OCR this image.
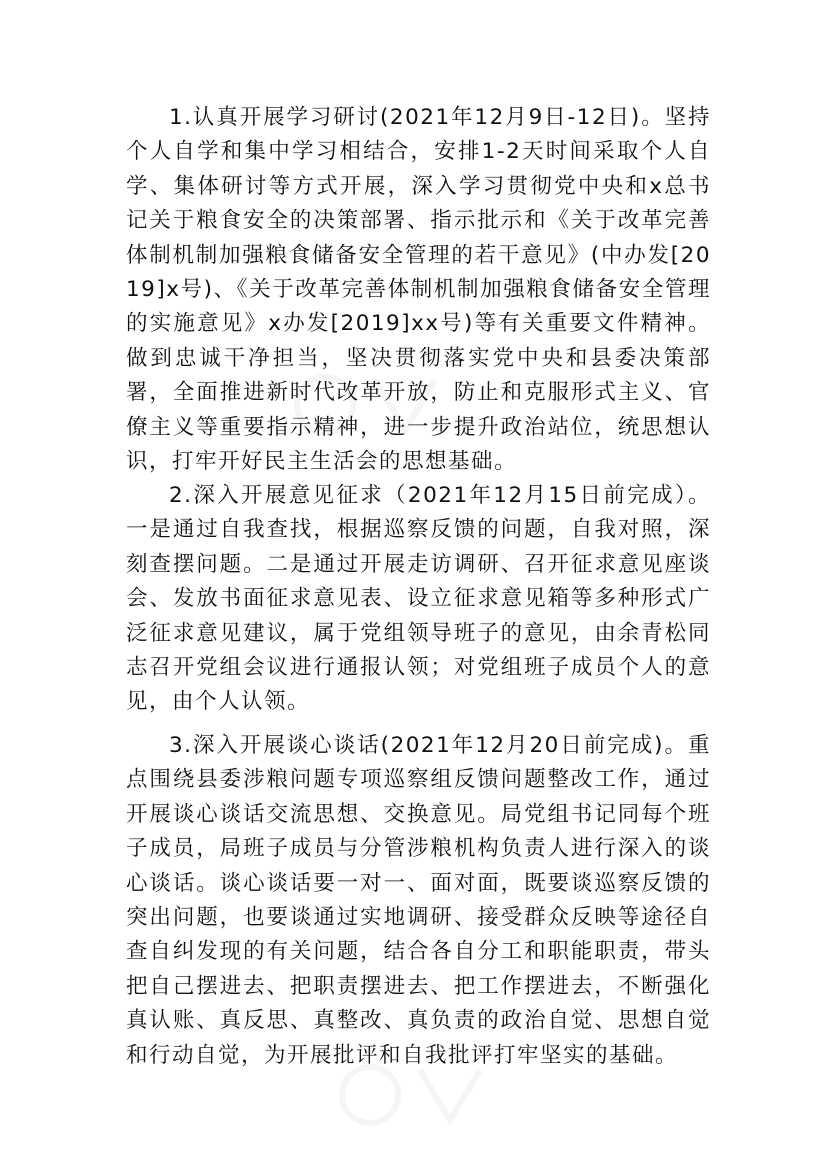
1.认真开展学习研讨(2021年12月9日-12日)。坚持个人自学和集中学习相结合，安排1-2天时间采取个人自学、集体研讨等方式开展，深入学习贯彻党中央和x总书记关于粮食安全的决策部署、指示批示和《关于改革完善体制机制加强粮食储备安全管理的若干意见》(中办发[2019]x号)、《关于改革完善体制机制加强粮食储备安全管理的实施意见》x办发[2019]xx号)等有关重要文件精神。做到忠诚干净担当，坚决贯彻落实党中央和县委决策部署，全面推进新时代改革开放，防止和克服形式主义、官僚主义等重要指示精神，进一步提升政治站位，统思想认识，打牢开好民主生活会的思想基础。

2.深入开展意见征求（2021年12月15日前完成）。一是通过自我查找，根据巡察反馈的问题，自我对照，深刻查摆问题。二是通过开展走访调研、召开征求意见座谈会、发放书面征求意见表、设立征求意见箱等多种形式广泛征求意见建议，属于党组领导班子的意见，由余青松同志召开党组会议进行通报认领；对党组班子成员个人的意见，由个人认领。

3.深入开展谈心谈话(2021年12月20日前完成)。重点围绕县委涉粮问题专项巡察组反馈问题整改工作，通过开展谈心谈话交流思想、交换意见。局党组书记同每个班子成员，局班子成员与分管涉粮机构负责人进行深入的谈心谈话。谈心谈话要一对一、面对面，既要谈巡察反馈的突出问题，也要谈通过实地调研、接受群众反映等途径自查自纠发现的有关问题，结合各自分工和职能职责，带头把自己摆进去、把职责摆进去、把工作摆进去，不断强化真认账、真反思、真整改、真负责的政治自觉、思想自觉和行动自觉，为开展批评和自我批评打牢坚实的基础。
